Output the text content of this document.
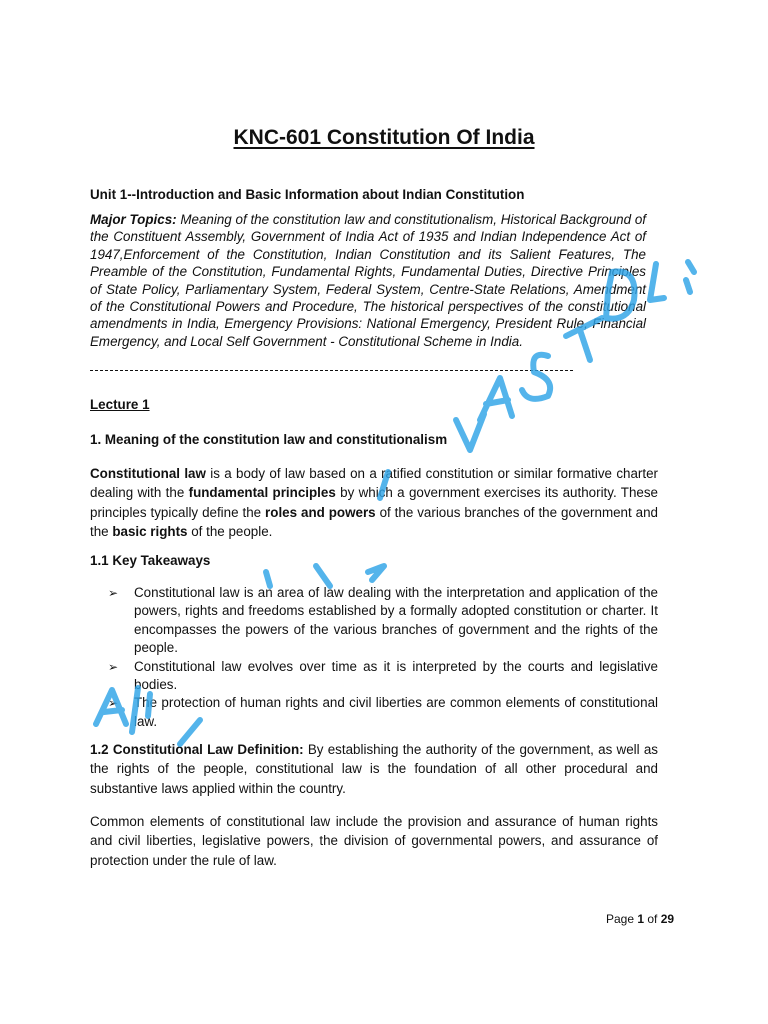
KNC-601 Constitution Of India
Unit 1--Introduction and Basic Information about Indian Constitution

Major Topics: Meaning of the constitution law and constitutionalism, Historical Background of the Constituent Assembly, Government of India Act of 1935 and Indian Independence Act of 1947,Enforcement of the Constitution, Indian Constitution and its Salient Features, The Preamble of the Constitution, Fundamental Rights, Fundamental Duties, Directive Principles of State Policy, Parliamentary System, Federal System, Centre-State Relations, Amendment of the Constitutional Powers and Procedure, The historical perspectives of the constitutional amendments in India, Emergency Provisions: National Emergency, President Rule, Financial Emergency, and Local Self Government - Constitutional Scheme in India.

Lecture 1
1. Meaning of the constitution law and constitutionalism

Constitutional law is a body of law based on a ratified constitution or similar formative charter dealing with the fundamental principles by which a government exercises its authority. These principles typically define the roles and powers of the various branches of the government and the basic rights of the people.

1.1 Key Takeaways
➢ Constitutional law is an area of law dealing with the interpretation and application of the powers, rights and freedoms established by a formally adopted constitution or charter. It encompasses the powers of the various branches of government and the rights of the people.
➢ Constitutional law evolves over time as it is interpreted by the courts and legislative bodies.
➢ The protection of human rights and civil liberties are common elements of constitutional law.

1.2 Constitutional Law Definition: By establishing the authority of the government, as well as the rights of the people, constitutional law is the foundation of all other procedural and substantive laws applied within the country.

Common elements of constitutional law include the provision and assurance of human rights and civil liberties, legislative powers, the division of governmental powers, and assurance of protection under the rule of law.

Page 1 of 29
